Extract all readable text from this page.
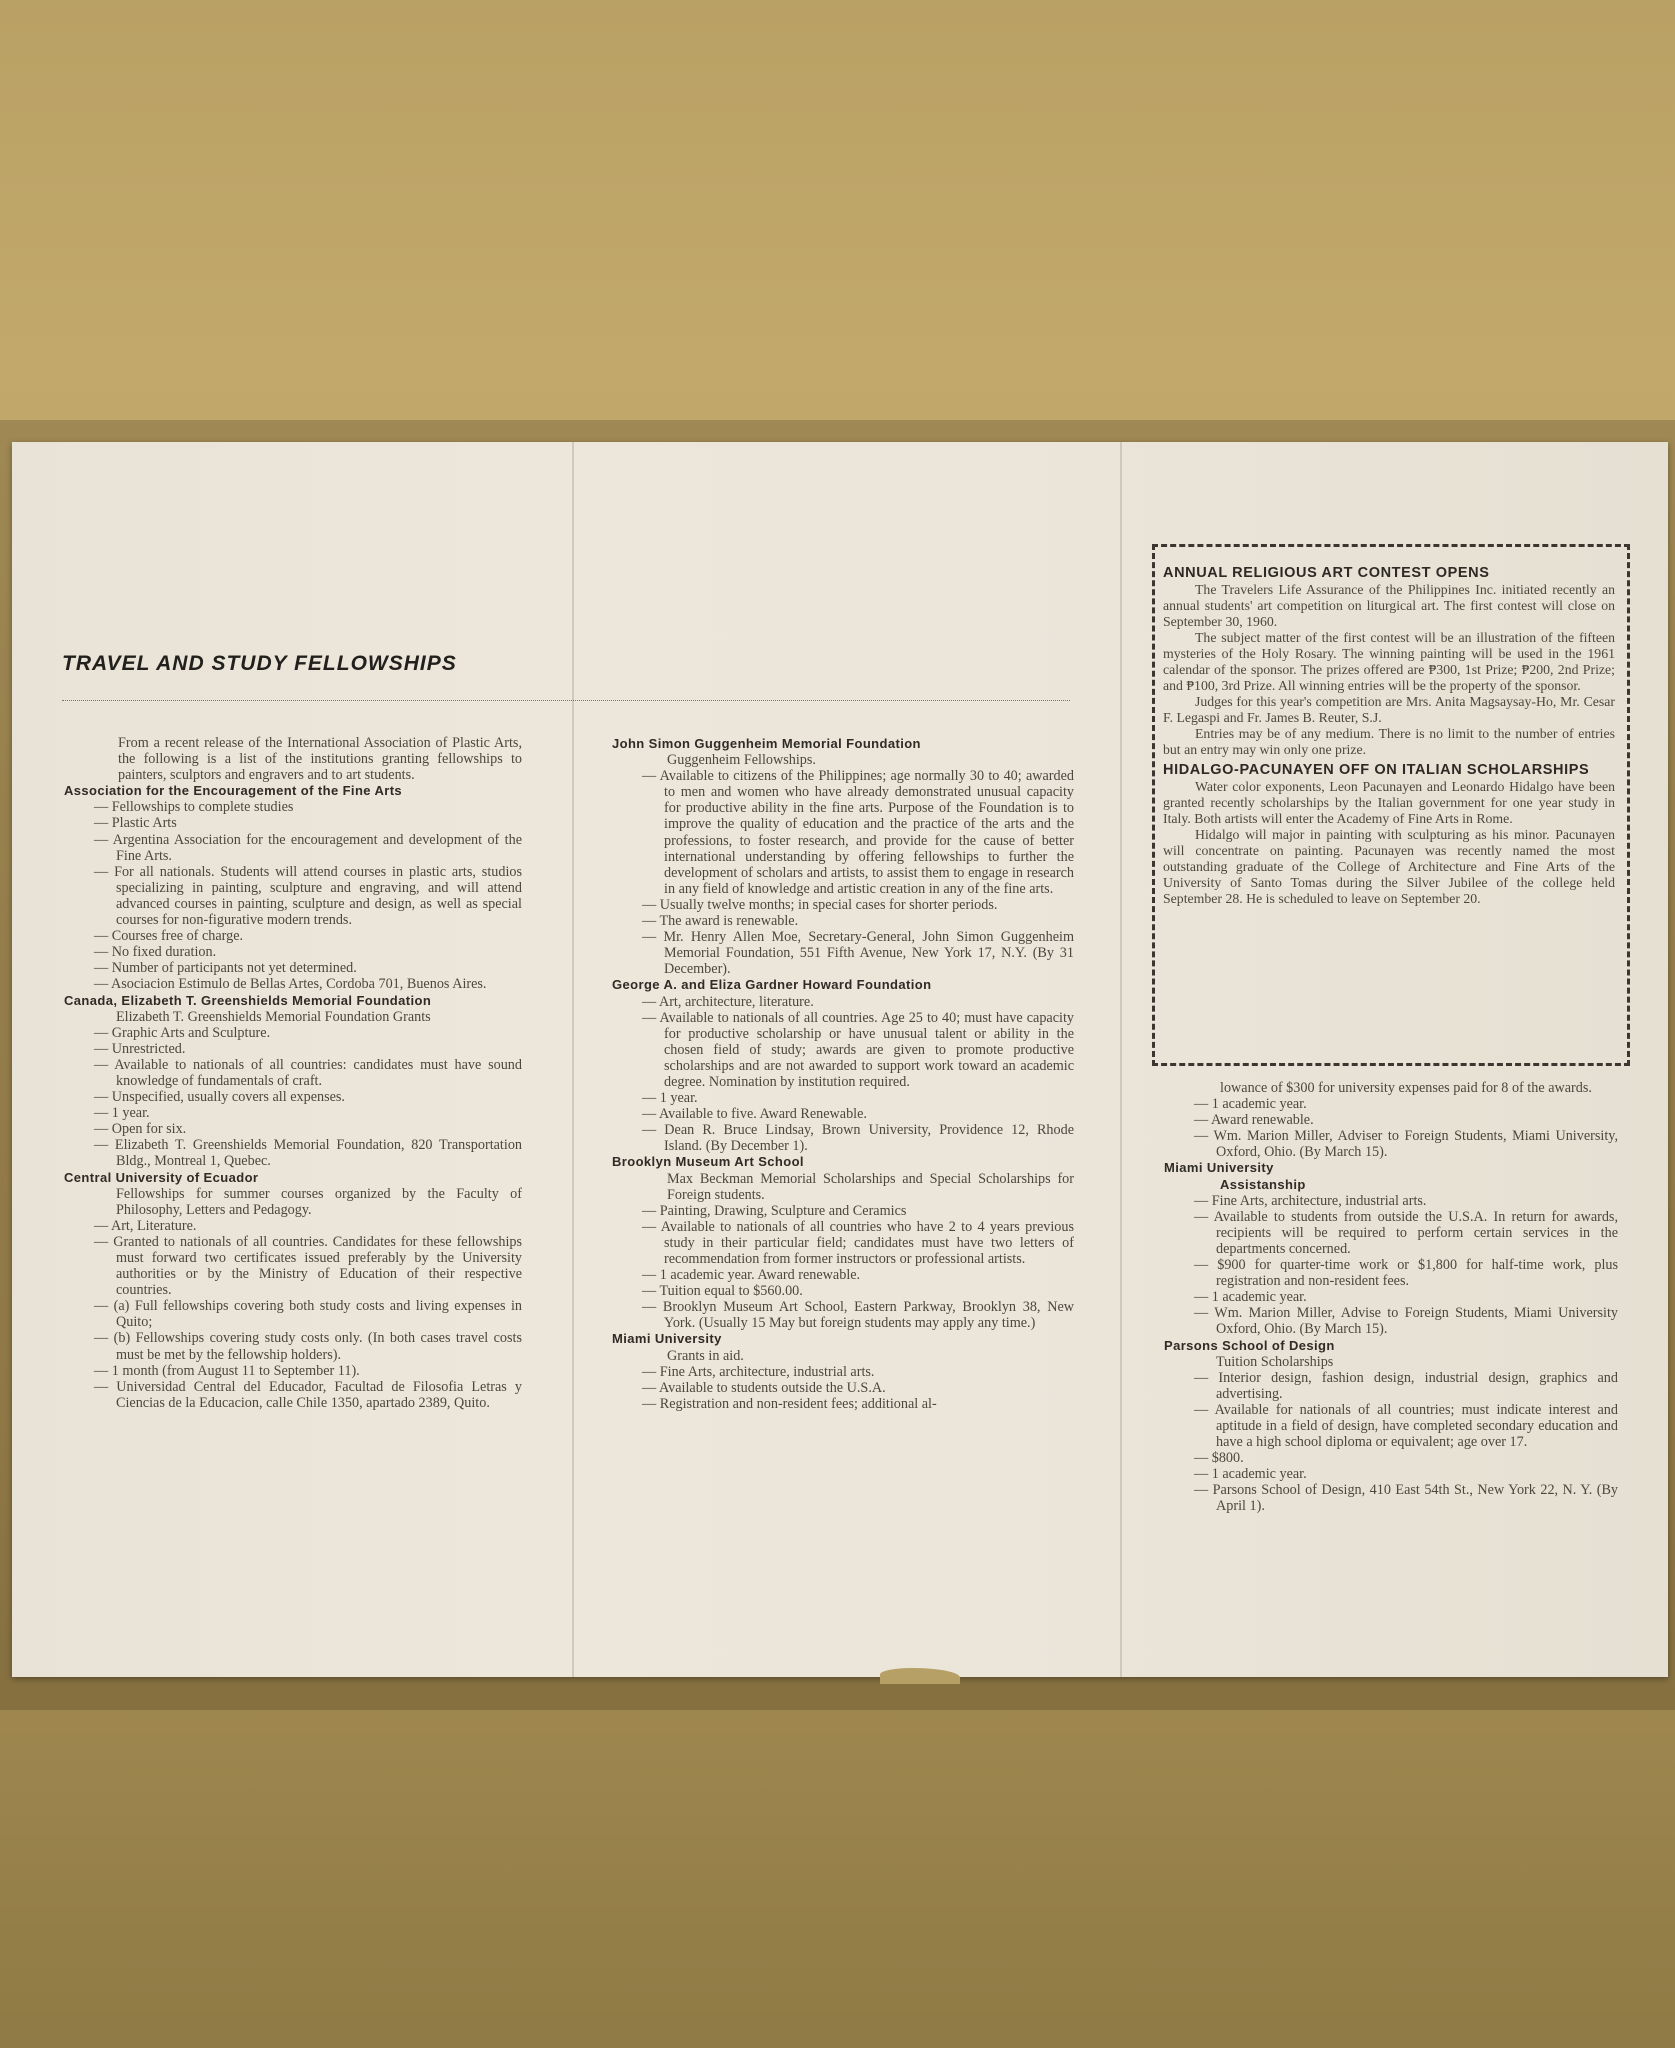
TRAVEL AND STUDY FELLOWSHIPS

From a recent release of the International Association of Plastic Arts, the following is a list of the institutions granting fellowships to painters, sculptors and engravers and to art students.

Association for the Encouragement of the Fine Arts

— Fellowships to complete studies

— Plastic Arts

— Argentina Association for the encouragement and development of the Fine Arts.

— For all nationals. Students will attend courses in plastic arts, studios specializing in painting, sculpture and engraving, and will attend advanced courses in painting, sculpture and design, as well as special courses for non-figurative modern trends.

— Courses free of charge.

— No fixed duration.

— Number of participants not yet determined.

— Asociacion Estimulo de Bellas Artes, Cordoba 701, Buenos Aires.

Canada, Elizabeth T. Greenshields Memorial Foundation

Elizabeth T. Greenshields Memorial Foundation Grants

— Graphic Arts and Sculpture.

— Unrestricted.

— Available to nationals of all countries: candidates must have sound knowledge of fundamentals of craft.

— Unspecified, usually covers all expenses.

— 1 year.

— Open for six.

— Elizabeth T. Greenshields Memorial Foundation, 820 Transportation Bldg., Montreal 1, Quebec.

Central University of Ecuador

Fellowships for summer courses organized by the Faculty of Philosophy, Letters and Pedagogy.

— Art, Literature.

— Granted to nationals of all countries. Candidates for these fellowships must forward two certificates issued preferably by the University authorities or by the Ministry of Education of their respective countries.

— (a) Full fellowships covering both study costs and living expenses in Quito;

— (b) Fellowships covering study costs only. (In both cases travel costs must be met by the fellowship holders).

— 1 month (from August 11 to September 11).

— Universidad Central del Educador, Facultad de Filosofia Letras y Ciencias de la Educacion, calle Chile 1350, apartado 2389, Quito.

John Simon Guggenheim Memorial Foundation

Guggenheim Fellowships.

— Available to citizens of the Philippines; age normally 30 to 40; awarded to men and women who have already demonstrated unusual capacity for productive ability in the fine arts. Purpose of the Foundation is to improve the quality of education and the practice of the arts and the professions, to foster research, and provide for the cause of better international understanding by offering fellowships to further the development of scholars and artists, to assist them to engage in research in any field of knowledge and artistic creation in any of the fine arts.

— Usually twelve months; in special cases for shorter periods.

— The award is renewable.

— Mr. Henry Allen Moe, Secretary-General, John Simon Guggenheim Memorial Foundation, 551 Fifth Avenue, New York 17, N.Y. (By 31 December).

George A. and Eliza Gardner Howard Foundation

— Art, architecture, literature.

— Available to nationals of all countries. Age 25 to 40; must have capacity for productive scholarship or have unusual talent or ability in the chosen field of study; awards are given to promote productive scholarships and are not awarded to support work toward an academic degree. Nomination by institution required.

— 1 year.

— Available to five. Award Renewable.

— Dean R. Bruce Lindsay, Brown University, Providence 12, Rhode Island. (By December 1).

Brooklyn Museum Art School

Max Beckman Memorial Scholarships and Special Scholarships for Foreign students.

— Painting, Drawing, Sculpture and Ceramics

— Available to nationals of all countries who have 2 to 4 years previous study in their particular field; candidates must have two letters of recommendation from former instructors or professional artists.

— 1 academic year. Award renewable.

— Tuition equal to $560.00.

— Brooklyn Museum Art School, Eastern Parkway, Brooklyn 38, New York. (Usually 15 May but foreign students may apply any time.)

Miami University

Grants in aid.

— Fine Arts, architecture, industrial arts.

— Available to students outside the U.S.A.

— Registration and non-resident fees; additional al-

ANNUAL RELIGIOUS ART CONTEST OPENS

The Travelers Life Assurance of the Philippines Inc. initiated recently an annual students' art competition on liturgical art. The first contest will close on September 30, 1960.

The subject matter of the first contest will be an illustration of the fifteen mysteries of the Holy Rosary. The winning painting will be used in the 1961 calendar of the sponsor. The prizes offered are ₱300, 1st Prize; ₱200, 2nd Prize; and ₱100, 3rd Prize. All winning entries will be the property of the sponsor.

Judges for this year's competition are Mrs. Anita Magsaysay-Ho, Mr. Cesar F. Legaspi and Fr. James B. Reuter, S.J.

Entries may be of any medium. There is no limit to the number of entries but an entry may win only one prize.

HIDALGO-PACUNAYEN OFF ON ITALIAN SCHOLARSHIPS

Water color exponents, Leon Pacunayen and Leonardo Hidalgo have been granted recently scholarships by the Italian government for one year study in Italy. Both artists will enter the Academy of Fine Arts in Rome.

Hidalgo will major in painting with sculpturing as his minor. Pacunayen will concentrate on painting. Pacunayen was recently named the most outstanding graduate of the College of Architecture and Fine Arts of the University of Santo Tomas during the Silver Jubilee of the college held September 28. He is scheduled to leave on September 20.

lowance of $300 for university expenses paid for 8 of the awards.

— 1 academic year.

— Award renewable.

— Wm. Marion Miller, Adviser to Foreign Students, Miami University, Oxford, Ohio. (By March 15).

Miami University

Assistanship

— Fine Arts, architecture, industrial arts.

— Available to students from outside the U.S.A. In return for awards, recipients will be required to perform certain services in the departments concerned.

— $900 for quarter-time work or $1,800 for half-time work, plus registration and non-resident fees.

— 1 academic year.

— Wm. Marion Miller, Advise to Foreign Students, Miami University Oxford, Ohio. (By March 15).

Parsons School of Design

Tuition Scholarships

— Interior design, fashion design, industrial design, graphics and advertising.

— Available for nationals of all countries; must indicate interest and aptitude in a field of design, have completed secondary education and have a high school diploma or equivalent; age over 17.

— $800.

— 1 academic year.

— Parsons School of Design, 410 East 54th St., New York 22, N. Y. (By April 1).
